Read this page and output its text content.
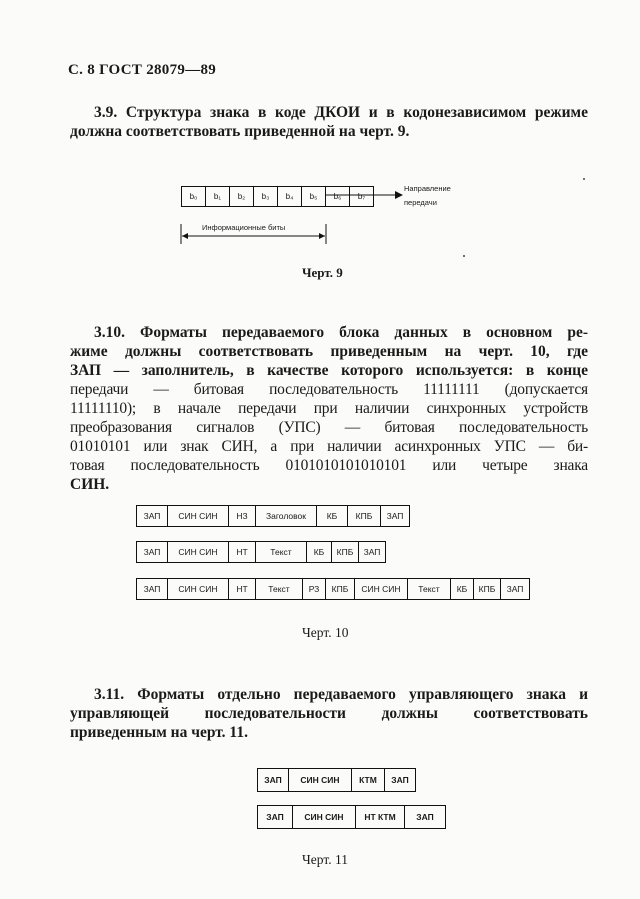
С. 8 ГОСТ 28079—89

3.9. Структура знака в коде ДКОИ и в кодонезависимом режиме должна соответствовать приведенной на черт. 9.

b₀	b₁	b₂	b₃	b₄	b₅	b₆	b₇
Направление
передачи
Информационные биты
Черт. 9

3.10. Форматы передаваемого блока данных в основном ре-

жиме должны соответствовать приведенным на черт. 10, где

ЗАП — заполнитель, в качестве которого используется: в конце

передачи — битовая последовательность 11111111 (допускается

11111110); в начале передачи при наличии синхронных устройств

преобразования сигналов (УПС) — битовая последовательность

01010101 или знак СИН, а при наличии асинхронных УПС — би-

товая последовательность 0101010101010101 или четыре знака

СИН.

ЗАП	СИН СИН	НЗ	Заголовок	КБ	КПБ	ЗАП
ЗАП	СИН СИН	НТ	Текст	КБ	КПБ	ЗАП
ЗАП	СИН СИН	НТ	Текст	РЗ	КПБ	СИН СИН	Текст	КБ	КПБ	ЗАП
Черт. 10

3.11. Форматы отдельно передаваемого управляющего знака и управляющей последовательности должны соответствовать приведенным на черт. 11.

ЗАП	СИН СИН	КТМ	ЗАП
ЗАП	СИН СИН	НТ КТМ	ЗАП
Черт. 11
